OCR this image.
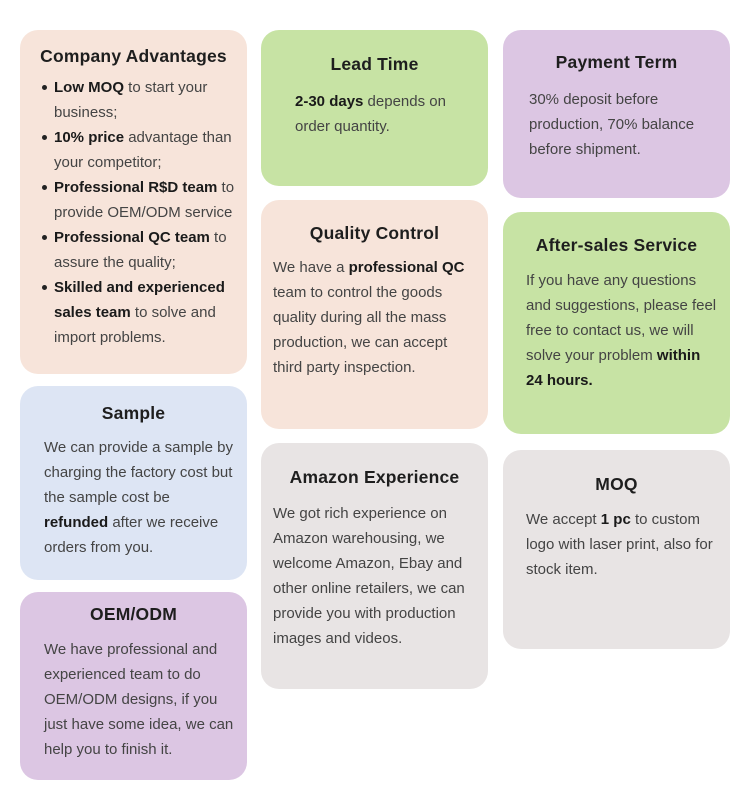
Company Advantages
Low MOQ to start your business;
10% price advantage than your competitor;
Professional R$D team to provide OEM/ODM service
Professional QC team to assure the quality;
Skilled and experienced sales team to solve and import problems.
Lead Time

2-30 days depends on order quantity.

Payment Term

30% deposit before production, 70% balance before shipment.

Quality Control

We have a professional QC team to control the goods quality during all the mass production, we can accept third party inspection.

After-sales Service

If you have any questions and suggestions, please feel free to contact us, we will solve your problem within 24 hours.

Sample

We can provide a sample by charging the factory cost but the sample cost be refunded after we receive orders from you.

Amazon Experience

We got rich experience on Amazon warehousing, we welcome Amazon, Ebay and other online retailers, we can provide you with production images and videos.

MOQ

We accept 1 pc to custom logo with laser print, also for stock item.

OEM/ODM

We have professional and experienced team to do OEM/ODM designs, if you just have some idea, we can help you to finish it.
